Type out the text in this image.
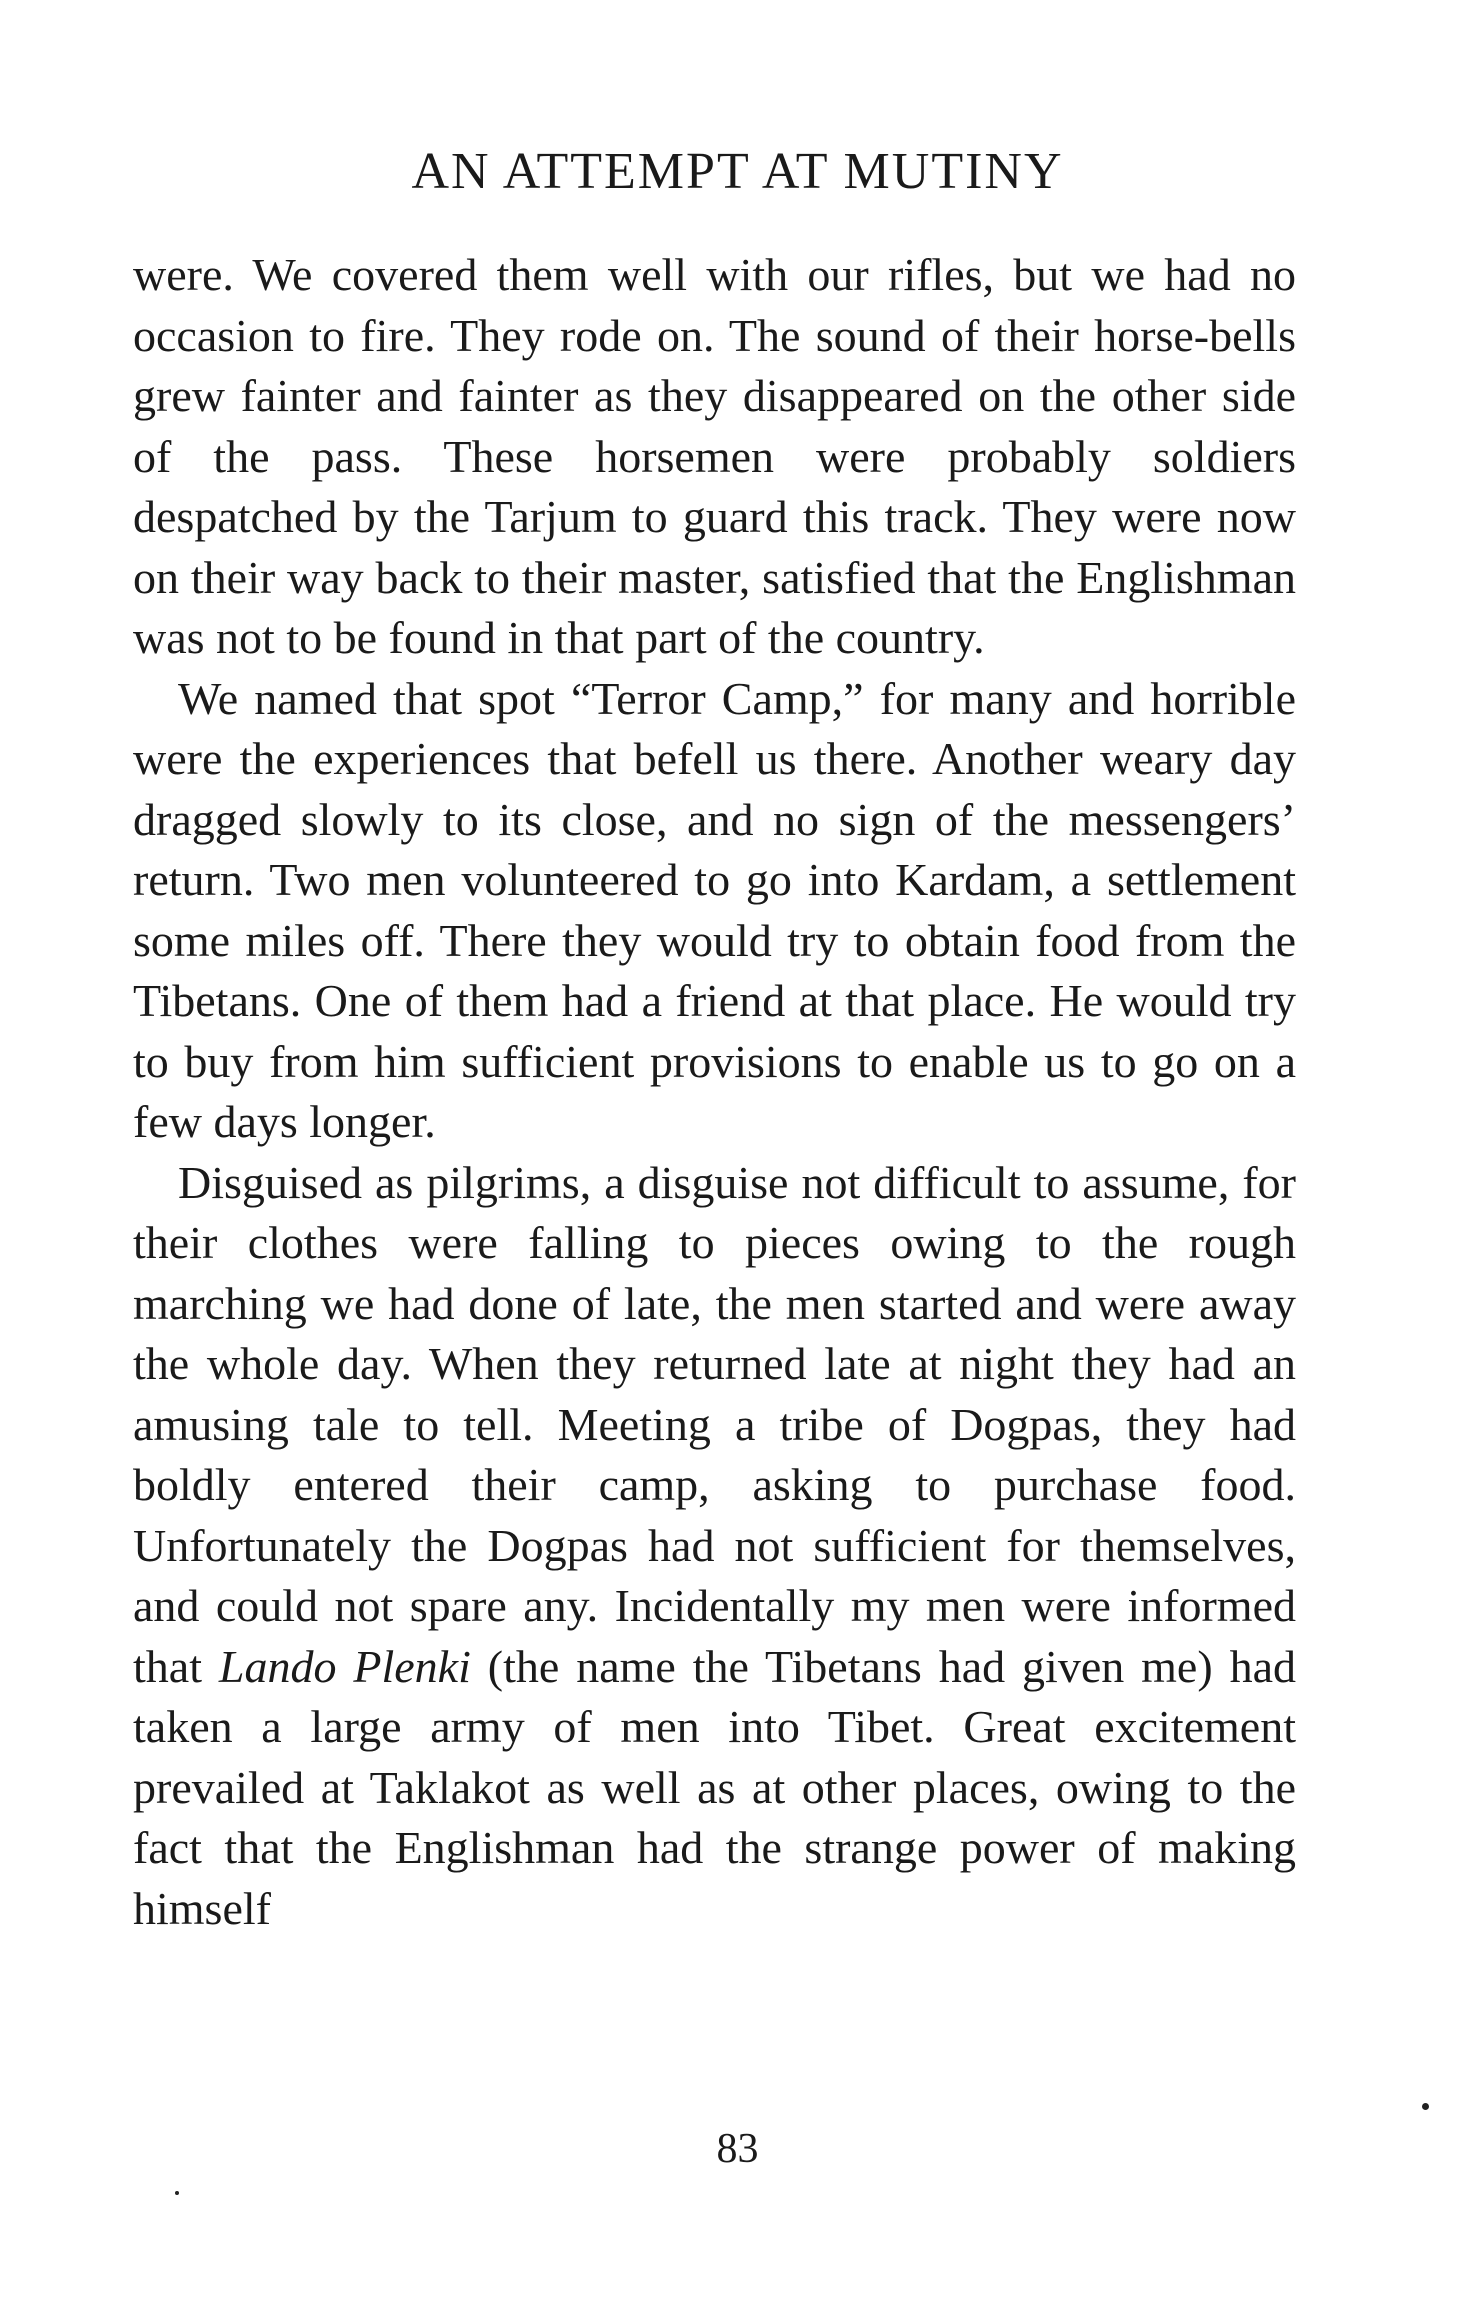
AN ATTEMPT AT MUTINY

were. We covered them well with our rifles, but we had no occasion to fire. They rode on. The sound of their horse-bells grew fainter and fainter as they disappeared on the other side of the pass. These horsemen were probably soldiers despatched by the Tarjum to guard this track. They were now on their way back to their master, satisfied that the Englishman was not to be found in that part of the country.

We named that spot “Terror Camp,” for many and horrible were the experiences that befell us there. Another weary day dragged slowly to its close, and no sign of the messengers’ return. Two men volunteered to go into Kardam, a settlement some miles off. There they would try to obtain food from the Tibetans. One of them had a friend at that place. He would try to buy from him sufficient provisions to enable us to go on a few days longer.

Disguised as pilgrims, a disguise not difficult to assume, for their clothes were falling to pieces owing to the rough marching we had done of late, the men started and were away the whole day. When they returned late at night they had an amusing tale to tell. Meeting a tribe of Dogpas, they had boldly entered their camp, asking to purchase food. Unfortunately the Dogpas had not sufficient for themselves, and could not spare any. Incidentally my men were informed that Lando Plenki (the name the Tibetans had given me) had taken a large army of men into Tibet. Great excitement prevailed at Taklakot as well as at other places, owing to the fact that the Englishman had the strange power of making himself

83
